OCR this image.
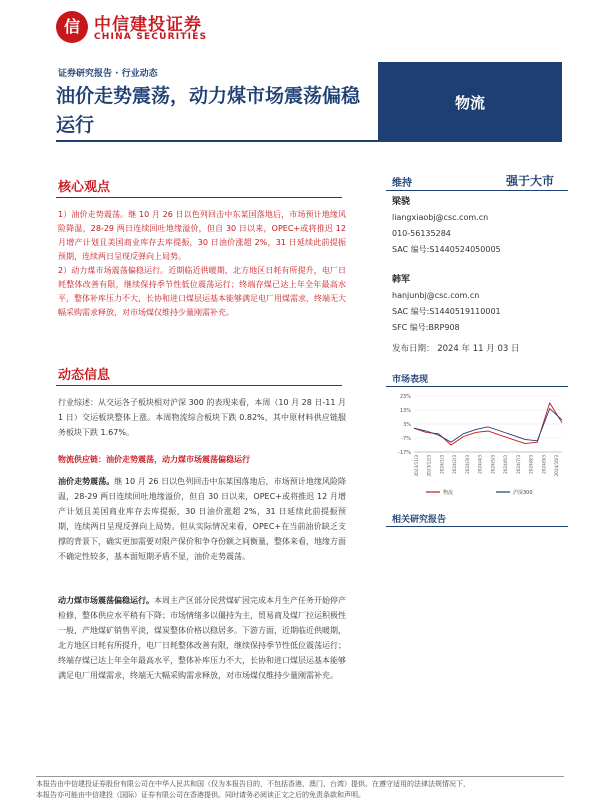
信 中信建投证券
CHINA SECURITIES
证券研究报告 · 行业动态
油价走势震荡，动力煤市场震荡偏稳运行
物流
核心观点

1）油价走势震荡。继 10 月 26 日以色列回击中东某国落地后，市场预计地缘风险降温，28-29 两日连续回吐地缘溢价，但自 30 日以来，OPEC+或将推迟 12 月增产计划且美国商业库存去库提振，30 日油价涨超 2%，31 日延续此前提振预期，连续两日呈现反弹向上局势。

2）动力煤市场震荡偏稳运行。近期临近供暖期，北方地区日耗有所提升，电厂日耗整体改善有限，继续保持季节性低位震荡运行；终端存煤已达上年全年最高水平，整体补库压力不大，长协和进口煤层运基本能够满足电厂用煤需求，终端无大幅采购需求释放，对市场煤仅维持少量刚需补充。

动态信息
行业综述：从交运各子板块相对沪深 300 的表现来看，本周（10 月 28 日-11 月 1 日）交运板块整体上涨。本周物流综合板块下跌 0.82%，其中原材料供应链服务板块下跌 1.67%。
物流供应链：油价走势震荡，动力煤市场震荡偏稳运行
油价走势震荡。继 10 月 26 日以色列回击中东某国落地后，市场预计地缘风险降温，28-29 两日连续回吐地缘溢价，但自 30 日以来，OPEC+或将推迟 12 月增产计划且美国商业库存去库提振，30 日油价涨超 2%，31 日延续此前提振预期，连续两日呈现反弹向上局势。但从实际情况来看，OPEC+在当前油价缺乏支撑的背景下，确实更加需要对限产保价和争夺份额之间衡量，整体来看，地缘方面不确定性较多，基本面短期矛盾不显，油价走势震荡。
动力煤市场震荡偏稳运行。本周主产区部分民营煤矿因完成本月生产任务开始停产检修，整体供应水平稍有下降；市场情绪多以僵持为主，贸易商及煤厂拉运积极性一般，产地煤矿销售平淡，煤炭整体价格以稳居多。下游方面，近期临近供暖期，北方地区日耗有所提升，电厂日耗整体改善有限，继续保持季节性低位震荡运行；终端存煤已达上年全年最高水平，整体补库压力不大，长协和进口煤层运基本能够满足电厂用煤需求，终端无大幅采购需求释放，对市场煤仅维持少量刚需补充。
维持	强于大市
梁骁
liangxiaobj@csc.com.cn
010-56135284
SAC 编号:S1440524050005
韩军
hanjunbj@csc.com.cn
SAC 编号:S1440519110001
SFC 编号:BRP908
发布日期： 2024 年 11 月 03 日
市场表现
23%
13%
3%
-7%
-17%
2023/11/3 2023/12/3 2024/1/3 2024/2/3 2024/3/3 2024/4/3 2024/5/3 2024/6/3 2024/7/3 2024/8/3 2024/9/3 2024/10/3
物流	沪深300
相关研究报告
本报告由中信建投证券股份有限公司在中华人民共和国（仅为本报告目的，不包括香港、澳门、台湾）提供。在遵守适用的法律法规情况下，
本报告亦可能由中信建投（国际）证券有限公司在香港提供。同时请务必阅读正文之后的免责条款和声明。
